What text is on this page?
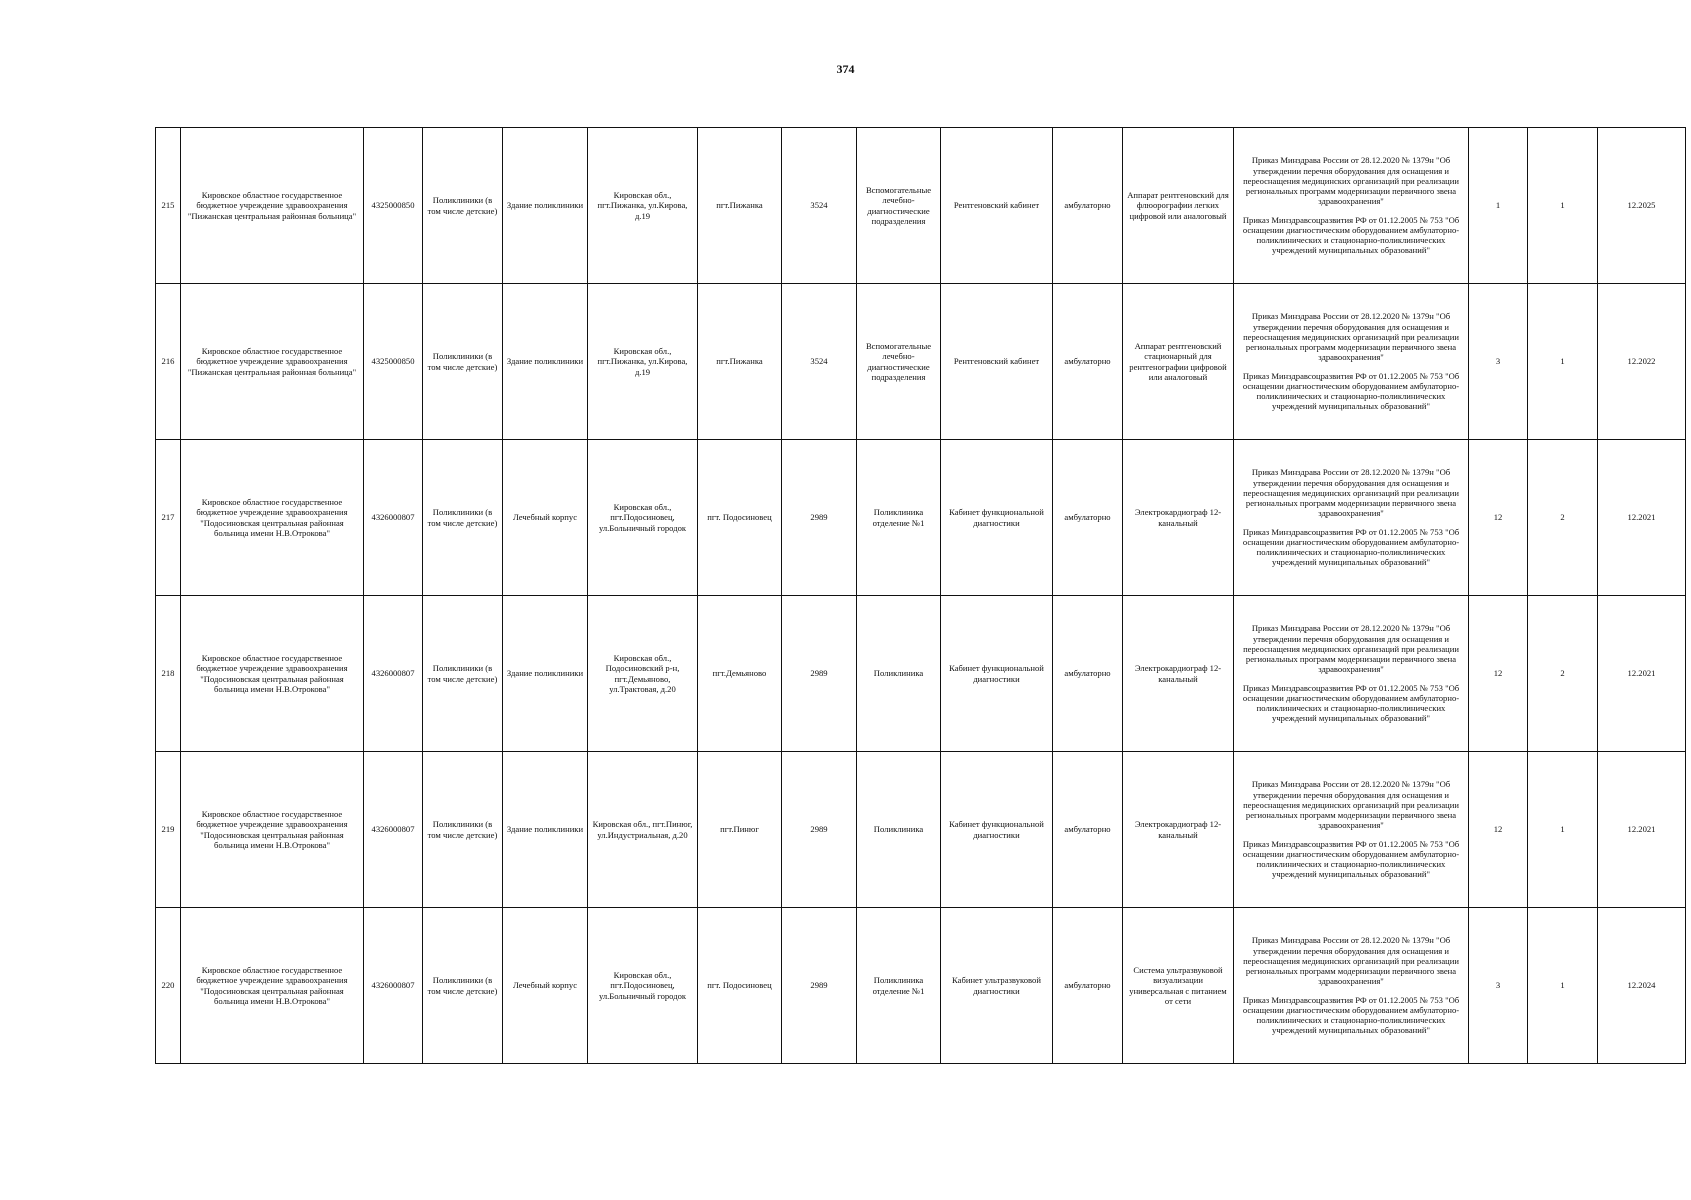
374
215	Кировское областное государственное бюджетное учреждение здравоохранения "Пижанская центральная районная больница"	4325000850	Поликлиники (в том числе детские)	Здание поликлиники	Кировская обл., пгт.Пижанка, ул.Кирова, д.19	пгт.Пижанка	3524	Вспомогательные лечебно-диагностические подразделения	Рентгеновский кабинет	амбулаторно	Аппарат рентгеновский для флюорографии легких цифровой или аналоговый	Приказ Минздрава России от 28.12.2020 № 1379н "Об утверждении перечня оборудования для оснащения и переоснащения медицинских организаций при реализации региональных программ модернизации первичного звена здравоохранения"

Приказ Минздравсоцразвития РФ от 01.12.2005 № 753 "Об оснащении диагностическим оборудованием амбулаторно-поликлинических и стационарно-поликлинических учреждений муниципальных образований"	1	1	12.2025
216	Кировское областное государственное бюджетное учреждение здравоохранения "Пижанская центральная районная больница"	4325000850	Поликлиники (в том числе детские)	Здание поликлиники	Кировская обл., пгт.Пижанка, ул.Кирова, д.19	пгт.Пижанка	3524	Вспомогательные лечебно-диагностические подразделения	Рентгеновский кабинет	амбулаторно	Аппарат рентгеновский стационарный для рентгенографии цифровой или аналоговый	Приказ Минздрава России от 28.12.2020 № 1379н "Об утверждении перечня оборудования для оснащения и переоснащения медицинских организаций при реализации региональных программ модернизации первичного звена здравоохранения"

Приказ Минздравсоцразвития РФ от 01.12.2005 № 753 "Об оснащении диагностическим оборудованием амбулаторно-поликлинических и стационарно-поликлинических учреждений муниципальных образований"	3	1	12.2022
217	Кировское областное государственное бюджетное учреждение здравоохранения "Подосиновская центральная районная больница имени Н.В.Отрокова"	4326000807	Поликлиники (в том числе детские)	Лечебный корпус	Кировская обл., пгт.Подосиновец, ул.Больничный городок	пгт. Подосиновец	2989	Поликлиника отделение №1	Кабинет функциональной диагностики	амбулаторно	Электрокардиограф 12-канальный	Приказ Минздрава России от 28.12.2020 № 1379н "Об утверждении перечня оборудования для оснащения и переоснащения медицинских организаций при реализации региональных программ модернизации первичного звена здравоохранения"

Приказ Минздравсоцразвития РФ от 01.12.2005 № 753 "Об оснащении диагностическим оборудованием амбулаторно-поликлинических и стационарно-поликлинических учреждений муниципальных образований"	12	2	12.2021
218	Кировское областное государственное бюджетное учреждение здравоохранения "Подосиновская центральная районная больница имени Н.В.Отрокова"	4326000807	Поликлиники (в том числе детские)	Здание поликлиники	Кировская обл., Подосиновский р-н, пгт.Демьяново, ул.Трактовая, д.20	пгт.Демьяново	2989	Поликлиника	Кабинет функциональной диагностики	амбулаторно	Электрокардиограф 12-канальный	Приказ Минздрава России от 28.12.2020 № 1379н "Об утверждении перечня оборудования для оснащения и переоснащения медицинских организаций при реализации региональных программ модернизации первичного звена здравоохранения"

Приказ Минздравсоцразвития РФ от 01.12.2005 № 753 "Об оснащении диагностическим оборудованием амбулаторно-поликлинических и стационарно-поликлинических учреждений муниципальных образований"	12	2	12.2021
219	Кировское областное государственное бюджетное учреждение здравоохранения "Подосиновская центральная районная больница имени Н.В.Отрокова"	4326000807	Поликлиники (в том числе детские)	Здание поликлиники	Кировская обл., пгт.Пинюг, ул.Индустриальная, д.20	пгт.Пинюг	2989	Поликлиника	Кабинет функциональной диагностики	амбулаторно	Электрокардиограф 12-канальный	Приказ Минздрава России от 28.12.2020 № 1379н "Об утверждении перечня оборудования для оснащения и переоснащения медицинских организаций при реализации региональных программ модернизации первичного звена здравоохранения"

Приказ Минздравсоцразвития РФ от 01.12.2005 № 753 "Об оснащении диагностическим оборудованием амбулаторно-поликлинических и стационарно-поликлинических учреждений муниципальных образований"	12	1	12.2021
220	Кировское областное государственное бюджетное учреждение здравоохранения "Подосиновская центральная районная больница имени Н.В.Отрокова"	4326000807	Поликлиники (в том числе детские)	Лечебный корпус	Кировская обл., пгт.Подосиновец, ул.Больничный городок	пгт. Подосиновец	2989	Поликлиника отделение №1	Кабинет ультразвуковой диагностики	амбулаторно	Система ультразвуковой визуализации универсальная с питанием от сети	Приказ Минздрава России от 28.12.2020 № 1379н "Об утверждении перечня оборудования для оснащения и переоснащения медицинских организаций при реализации региональных программ модернизации первичного звена здравоохранения"

Приказ Минздравсоцразвития РФ от 01.12.2005 № 753 "Об оснащении диагностическим оборудованием амбулаторно-поликлинических и стационарно-поликлинических учреждений муниципальных образований"	3	1	12.2024
